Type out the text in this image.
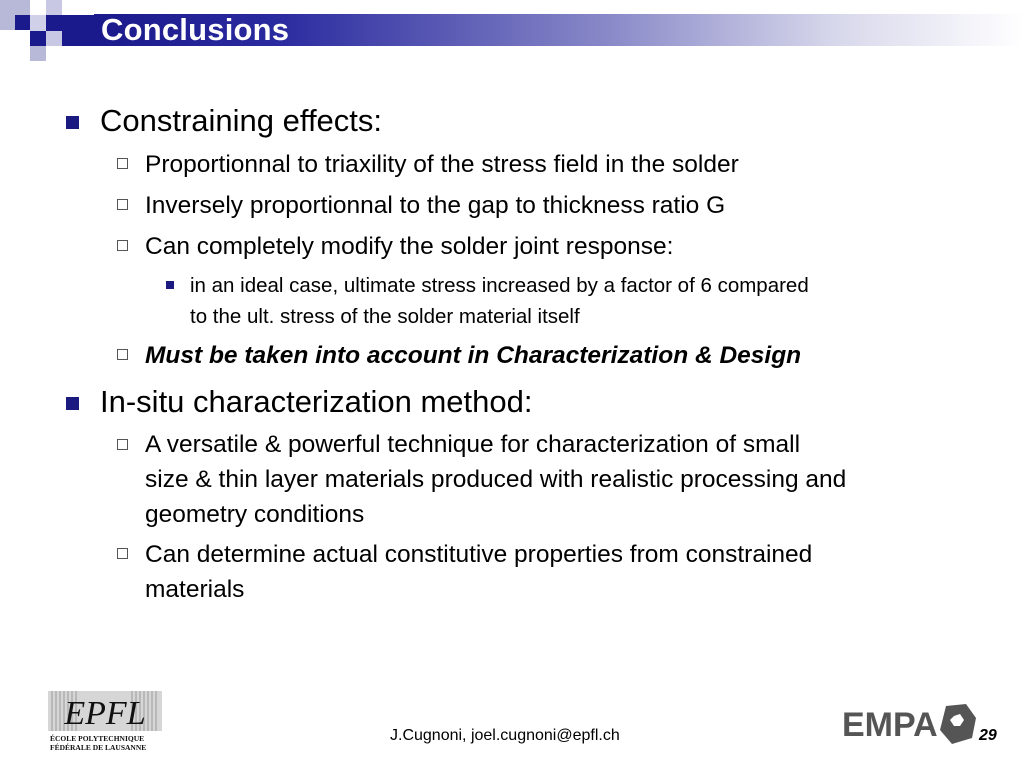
Conclusions
Constraining effects:
Proportionnal to triaxility of the stress field in the solder
Inversely proportionnal to the gap to thickness ratio G
Can completely modify the solder joint response:
in an ideal case, ultimate stress increased by a factor of 6 compared
to the ult. stress of the solder material itself
Must be taken into account in Characterization & Design
In-situ characterization method:
A versatile & powerful technique for characterization of small
size & thin layer materials produced with realistic processing and
geometry conditions
Can determine actual constitutive properties from constrained
materials
EPFL
ÉCOLE POLYTECHNIQUE
FÉDÉRALE DE LAUSANNE
J.Cugnoni, joel.cugnoni@epfl.ch	EMPA	29
